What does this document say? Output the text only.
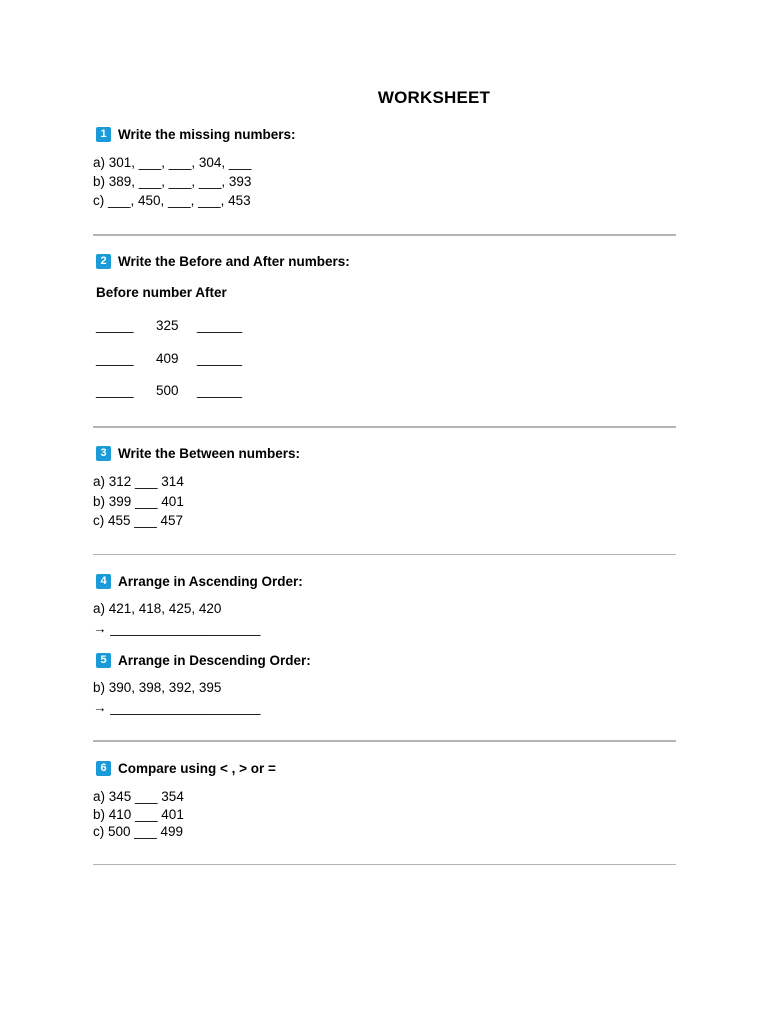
WORKSHEET
1 Write the missing numbers:
a) 301, ___, ___, 304, ___
b) 389, ___, ___, ___, 393
c) ___, 450, ___, ___, 453
2 Write the Before and After numbers:
Before number After
_____ 325 ______
_____ 409 ______
_____ 500 ______
3 Write the Between numbers:
a) 312 ___ 314
b) 399 ___ 401
c) 455 ___ 457
4 Arrange in Ascending Order:
a) 421, 418, 425, 420
→ ____________________
5 Arrange in Descending Order:
b) 390, 398, 392, 395
→ ____________________
6 Compare using < , > or =
a) 345 ___ 354
b) 410 ___ 401
c) 500 ___ 499
